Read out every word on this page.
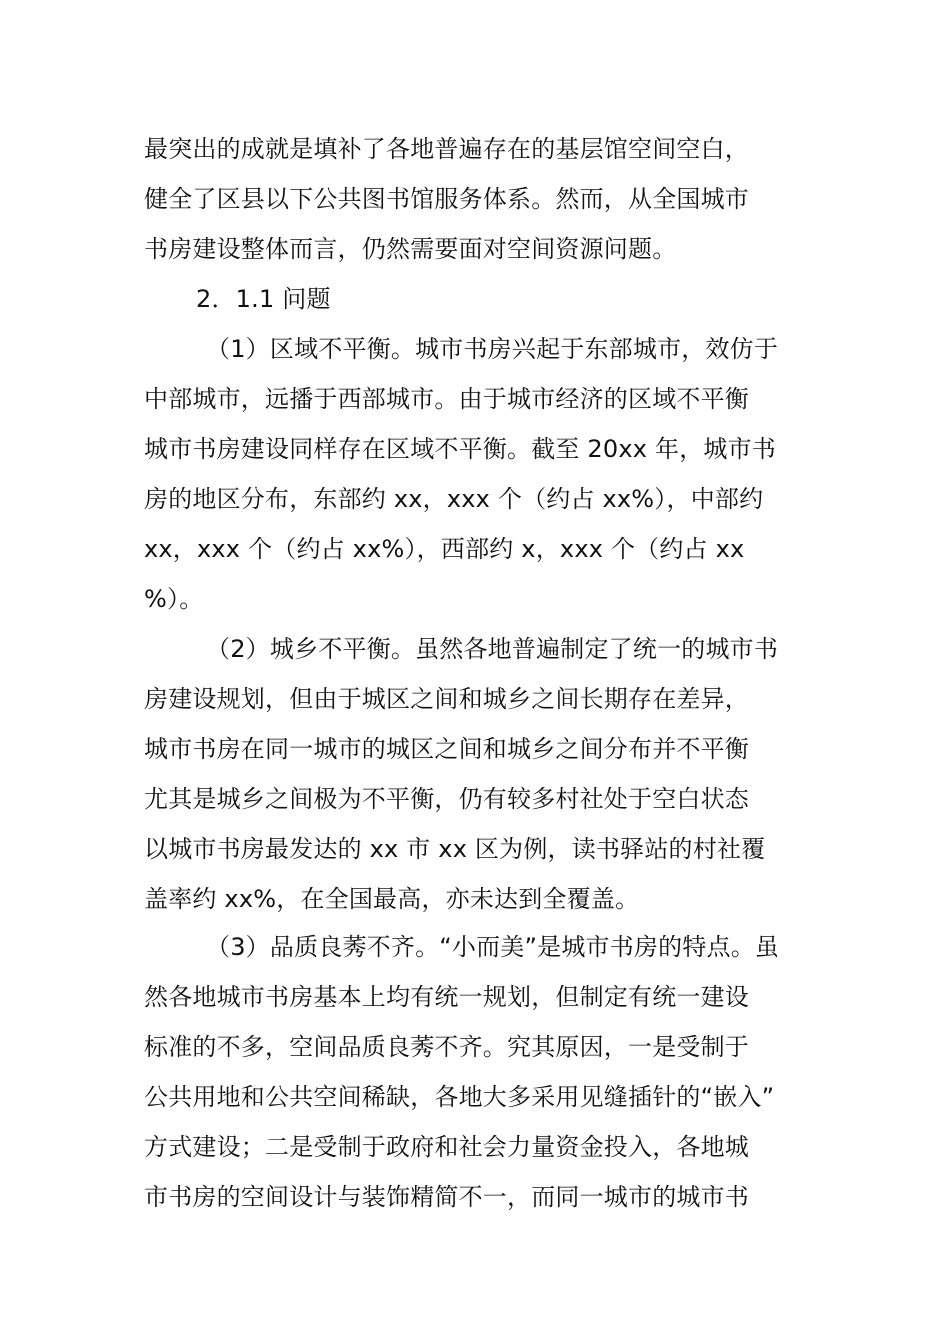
最突出的成就是填补了各地普遍存在的基层馆空间空白，
健全了区县以下公共图书馆服务体系。然而，从全国城市
书房建设整体而言，仍然需要面对空间资源问题。
2．1.1 问题
（1）区域不平衡。城市书房兴起于东部城市，效仿于
中部城市，远播于西部城市。由于城市经济的区域不平衡
城市书房建设同样存在区域不平衡。截至 20xx 年，城市书
房的地区分布，东部约 xx，xxx 个（约占 xx%），中部约
xx，xxx 个（约占 xx%），西部约 x，xxx 个（约占 xx
%）。
（2）城乡不平衡。虽然各地普遍制定了统一的城市书
房建设规划，但由于城区之间和城乡之间长期存在差异，
城市书房在同一城市的城区之间和城乡之间分布并不平衡
尤其是城乡之间极为不平衡，仍有较多村社处于空白状态
以城市书房最发达的 xx 市 xx 区为例，读书驿站的村社覆
盖率约 xx%，在全国最高，亦未达到全覆盖。
（3）品质良莠不齐。“小而美”是城市书房的特点。虽
然各地城市书房基本上均有统一规划，但制定有统一建设
标准的不多，空间品质良莠不齐。究其原因，一是受制于
公共用地和公共空间稀缺，各地大多采用见缝插针的“嵌入”
方式建设；二是受制于政府和社会力量资金投入，各地城
市书房的空间设计与装饰精简不一，而同一城市的城市书
